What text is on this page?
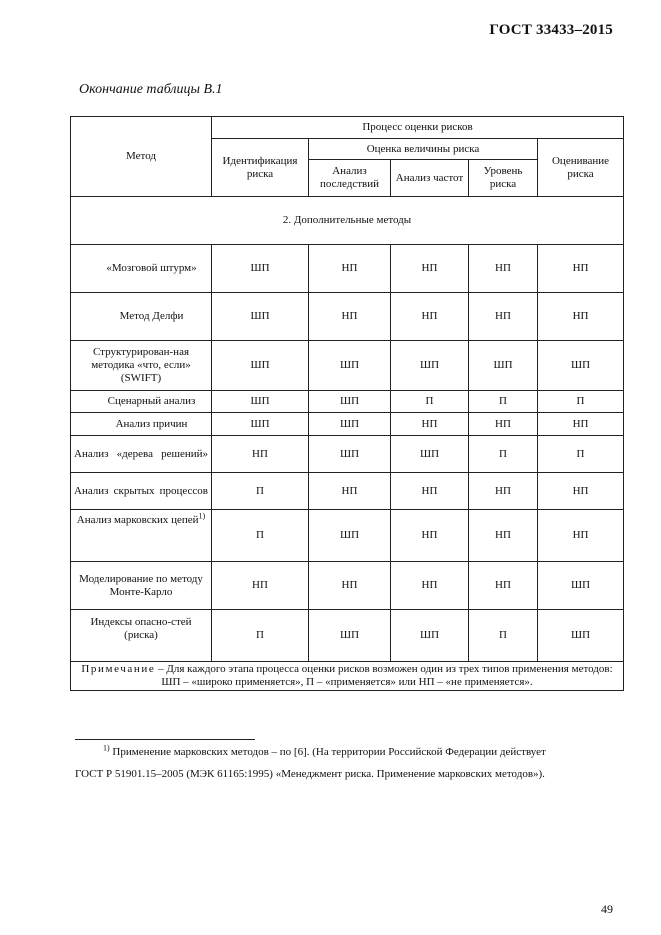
ГОСТ 33433–2015
Окончание таблицы В.1
Метод	Процесс оценки рисков				
	Идентификация риска	Оценка величины риска			Оценивание риска
		Анализ последствий	Анализ частот	Уровень риска	
2. Дополнительные методы					
«Мозговой штурм»	ШП	НП	НП	НП	НП
Метод Делфи	ШП	НП	НП	НП	НП
Структурирован-ная методика «что, если» (SWIFT)	ШП	ШП	ШП	ШП	ШП
Сценарный анализ	ШП	ШП	П	П	П
Анализ причин	ШП	ШП	НП	НП	НП
Анализ «дерева решений»	НП	ШП	ШП	П	П
Анализ скрытых процессов	П	НП	НП	НП	НП
Анализ марковских цепей$^{1)}$	П	ШП	НП	НП	НП
Моделирование по методу Монте-Карло	НП	НП	НП	НП	ШП
Индексы опасно-стей (риска)	П	ШП	ШП	П	ШП
Примечание – Для каждого этапа процесса оценки рисков возможен один из трех типов применения методов: ШП – «широко применяется», П – «применяется» или НП – «не применяется».					
$^{1)}$ Применение марковских методов – по [6]. (На территории Российской Федерации действует
ГОСТ Р 51901.15–2005 (МЭК 61165:1995) «Менеджмент риска. Применение марковских методов»).
49
